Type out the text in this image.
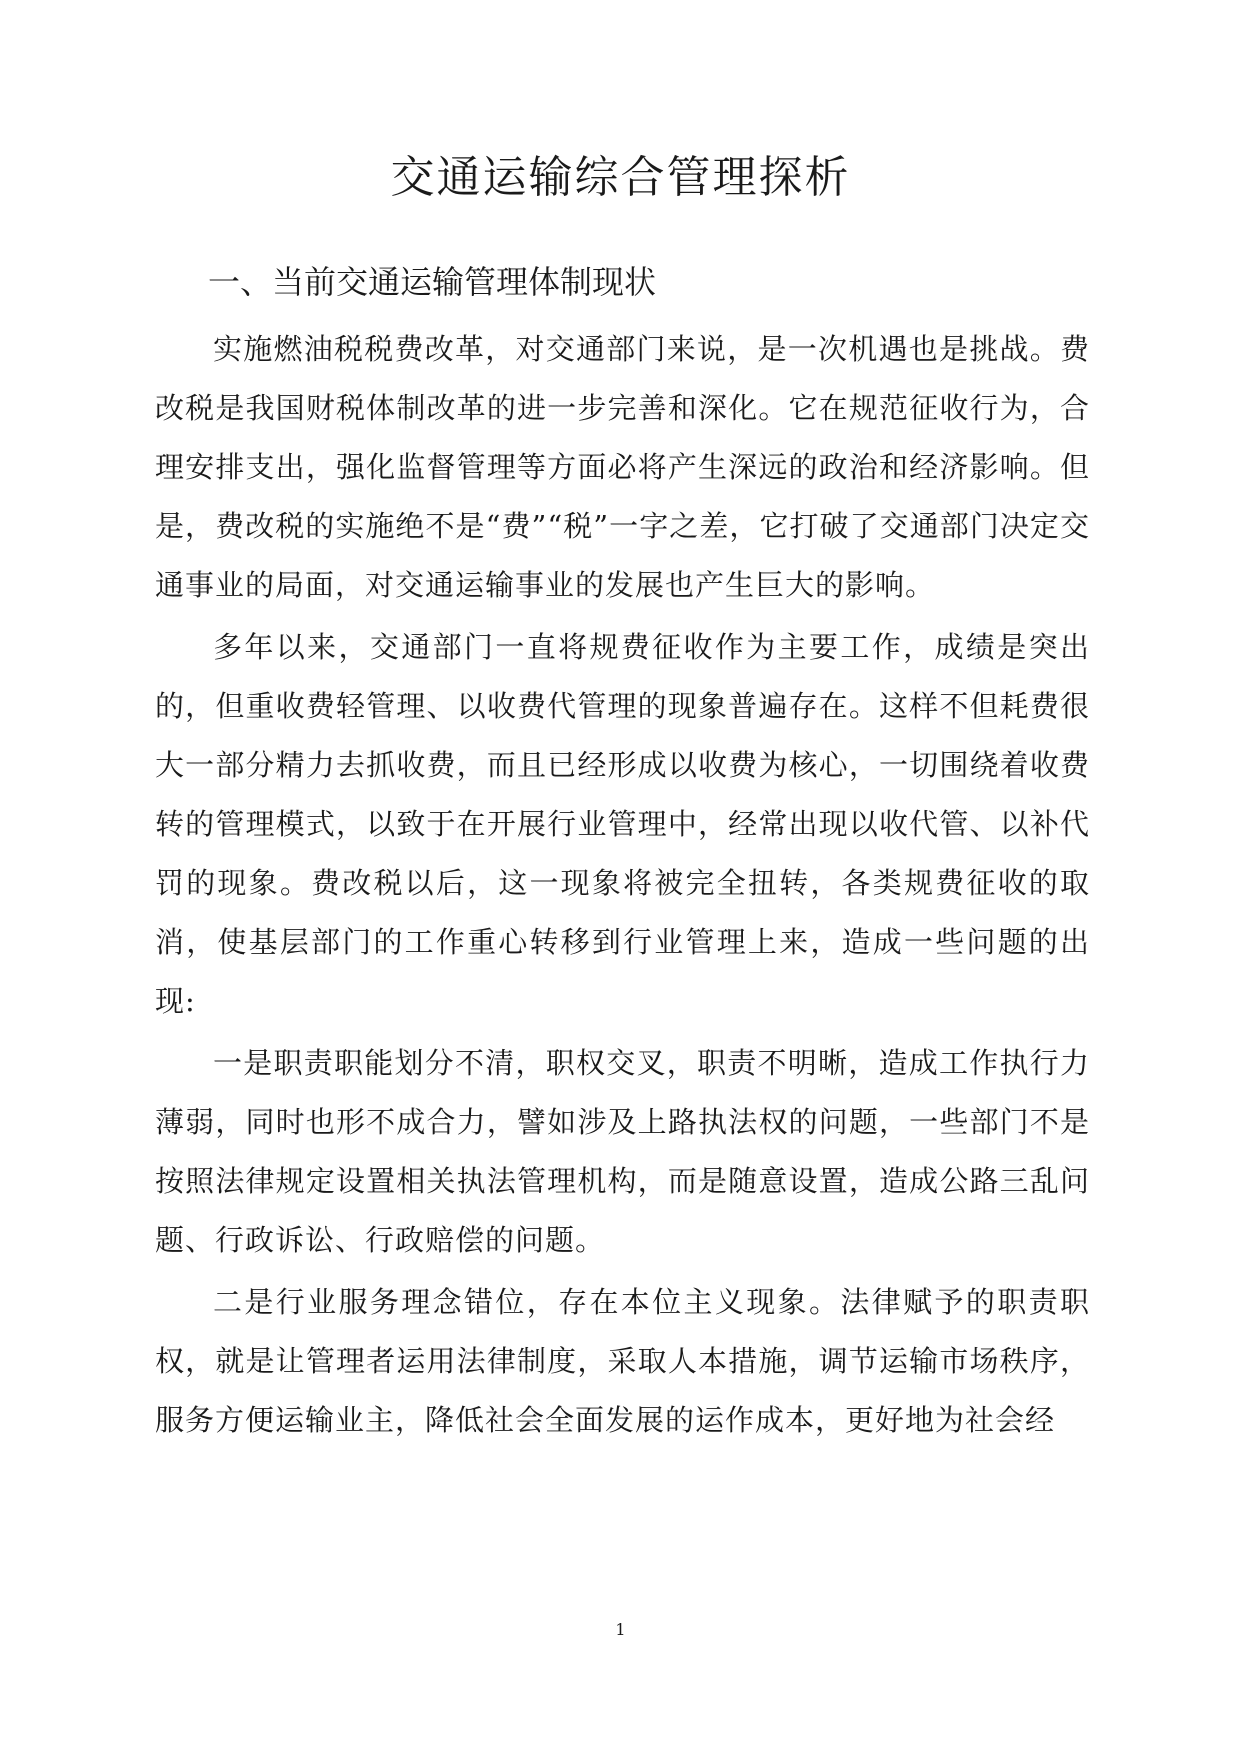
交通运输综合管理探析
一、当前交通运输管理体制现状

实施燃油税税费改革，对交通部门来说，是一次机遇也是挑战。费改税是我国财税体制改革的进一步完善和深化。它在规范征收行为，合理安排支出，强化监督管理等方面必将产生深远的政治和经济影响。但是，费改税的实施绝不是“费”“税”一字之差，它打破了交通部门决定交通事业的局面，对交通运输事业的发展也产生巨大的影响。

多年以来，交通部门一直将规费征收作为主要工作，成绩是突出的，但重收费轻管理、以收费代管理的现象普遍存在。这样不但耗费很大一部分精力去抓收费，而且已经形成以收费为核心，一切围绕着收费转的管理模式，以致于在开展行业管理中，经常出现以收代管、以补代罚的现象。费改税以后，这一现象将被完全扭转，各类规费征收的取消，使基层部门的工作重心转移到行业管理上来，造成一些问题的出现:

一是职责职能划分不清，职权交叉，职责不明晰，造成工作执行力薄弱，同时也形不成合力，譬如涉及上路执法权的问题，一些部门不是按照法律规定设置相关执法管理机构，而是随意设置，造成公路三乱问题、行政诉讼、行政赔偿的问题。

二是行业服务理念错位，存在本位主义现象。法律赋予的职责职权，就是让管理者运用法律制度，采取人本措施，调节运输市场秩序，服务方便运输业主，降低社会全面发展的运作成本，更好地为社会经

1
